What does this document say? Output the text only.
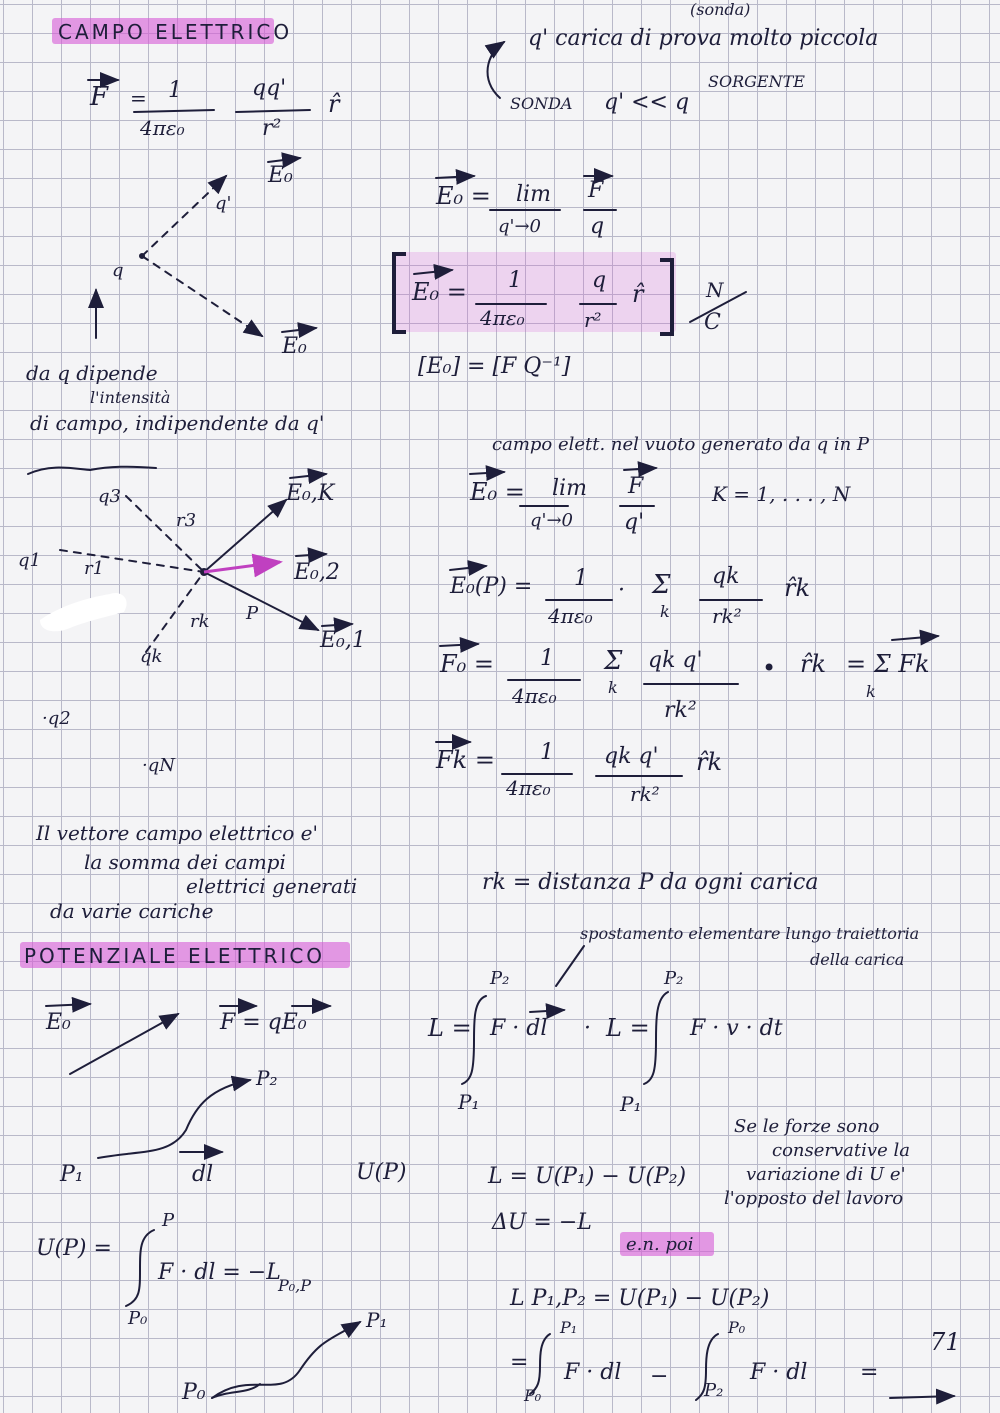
CAMPO ELETTRICO
F = 1
4πε₀
qq'
r²
r̂
E₀
q'
q
E₀
da q dipende
l'intensità
di campo, indipendente da q'
q3
r3
E₀,K
q1 r1	E₀,2
rk P
qk
E₀,1
·q2
·qN
Il vettore campo elettrico e'
la somma dei campi
elettrici generati
da varie cariche
POTENZIALE ELETTRICO
E₀	F = qE₀
P₂
P₁	dl	U(P)
U(P) =
P
P₀
F · dl = −L
P₀,P
P₁
P₀
(sonda)
q' carica di prova molto piccola
SORGENTE
SONDA q' << q
E₀ = lim
q'→0
F
q
E₀ = 1
4πε₀
q
r²
r̂	N
C
[E₀] = [F Q⁻¹]
campo elett. nel vuoto generato da q in P
E₀ = lim
q'→0
F
q'
K = 1, . . . , N
E₀(P) = 1
4πε₀
· Σ
k
qk
rk²
r̂k
F₀ = 1
4πε₀
Σ
k
qk q'
rk²
• r̂k = Σ Fk
k
Fk = 1
4πε₀
qk q'
rk²
r̂k
rk = distanza P da ogni carica
spostamento elementare lungo traiettoria
della carica
L =
P₂
P₁
F · dl · L =
P₂
P₁
F · v · dt
Se le forze sono
conservative la
variazione di U e'
l'opposto del lavoro
L = U(P₁) − U(P₂)
ΔU = −L
e.n. poi
L P₁,P₂ = U(P₁) − U(P₂)
=
P₁
P₀
F · dl −
P₀
P₂
F · dl =
71
